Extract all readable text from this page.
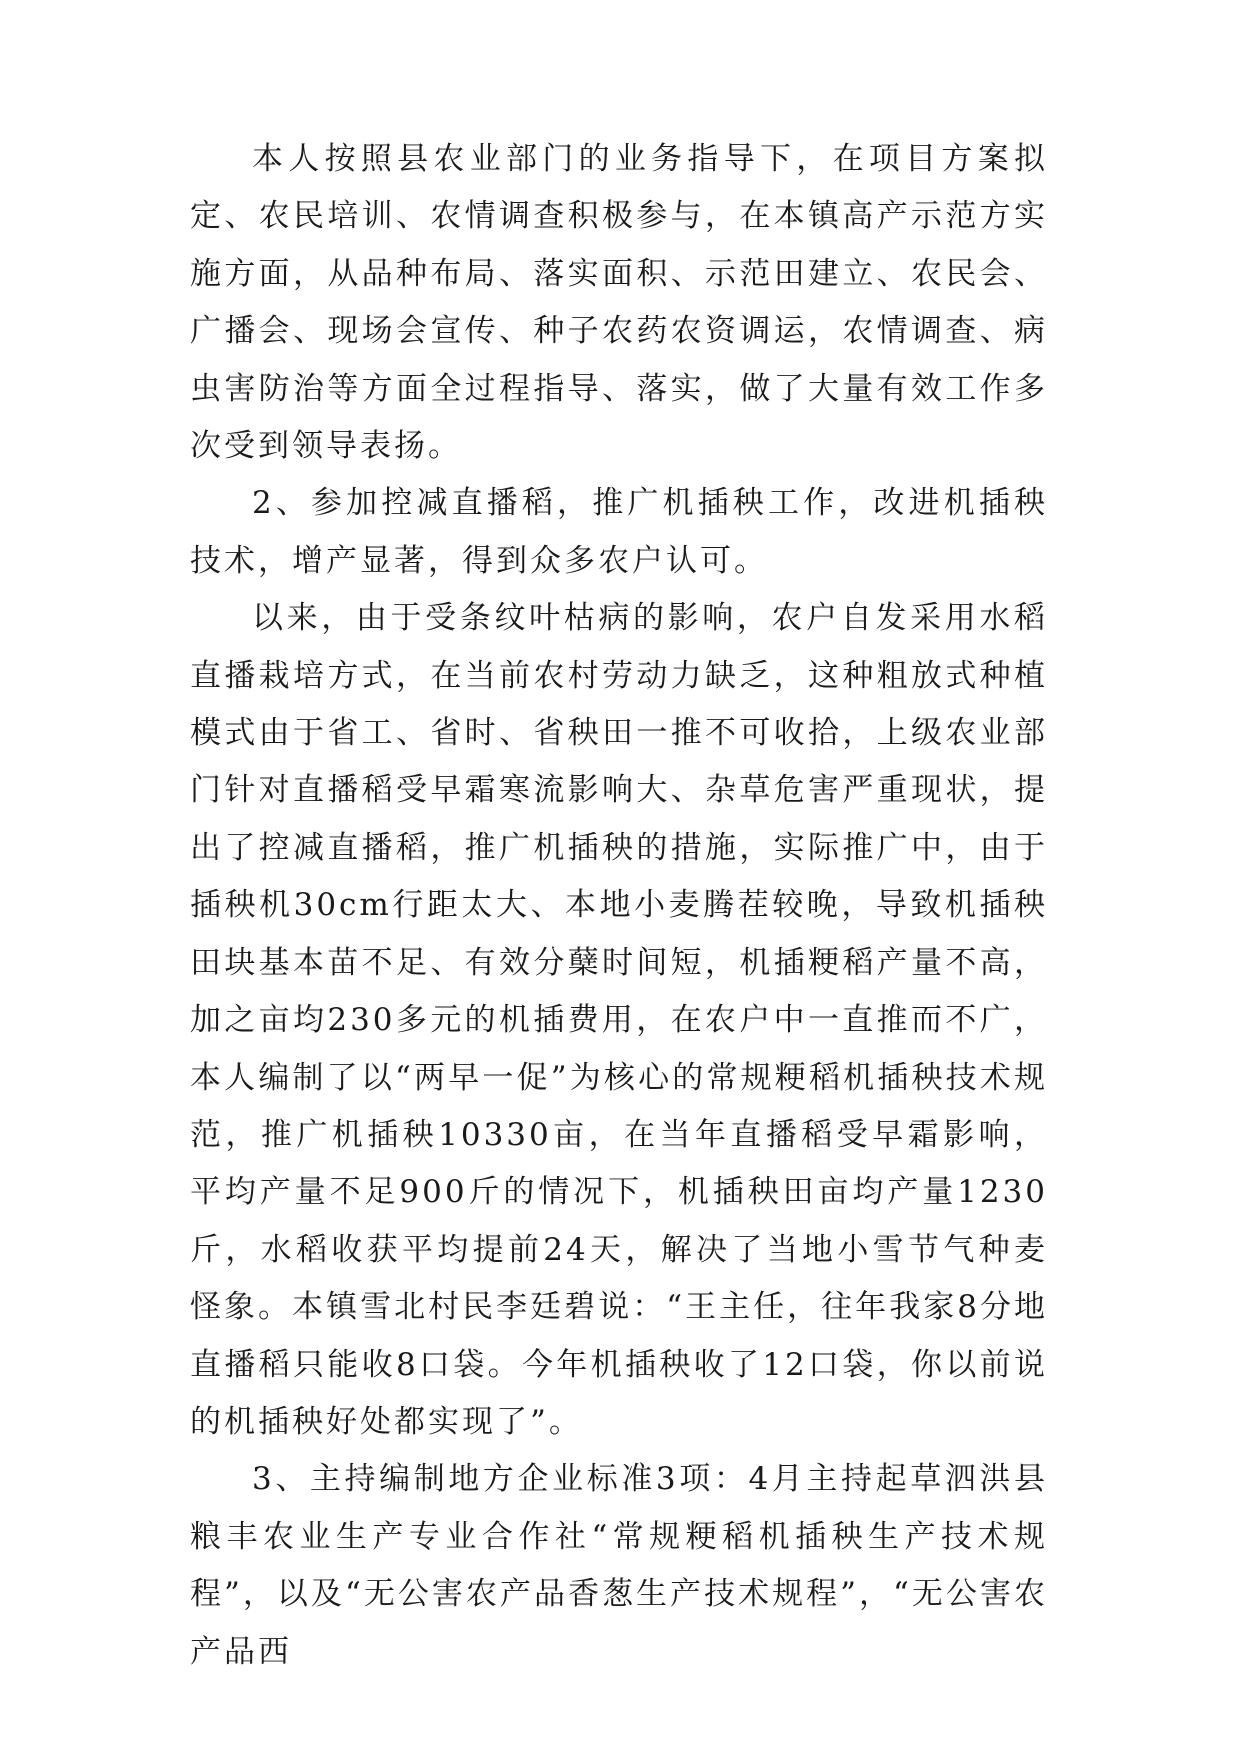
本人按照县农业部门的业务指导下，在项目方案拟定、农民培训、农情调查积极参与，在本镇高产示范方实施方面，从品种布局、落实面积、示范田建立、农民会、广播会、现场会宣传、种子农药农资调运，农情调查、病虫害防治等方面全过程指导、落实，做了大量有效工作多次受到领导表扬。

2、参加控减直播稻，推广机插秧工作，改进机插秧技术，增产显著，得到众多农户认可。

以来，由于受条纹叶枯病的影响，农户自发采用水稻直播栽培方式，在当前农村劳动力缺乏，这种粗放式种植模式由于省工、省时、省秧田一推不可收拾，上级农业部门针对直播稻受早霜寒流影响大、杂草危害严重现状，提出了控减直播稻，推广机插秧的措施，实际推广中，由于插秧机30cm行距太大、本地小麦腾茬较晚，导致机插秧田块基本苗不足、有效分蘖时间短，机插粳稻产量不高，加之亩均230多元的机插费用，在农户中一直推而不广，本人编制了以“两早一促”为核心的常规粳稻机插秧技术规范，推广机插秧10330亩，在当年直播稻受早霜影响，平均产量不足900斤的情况下，机插秧田亩均产量1230斤，水稻收获平均提前24天，解决了当地小雪节气种麦怪象。本镇雪北村民李廷碧说：“王主任，往年我家8分地直播稻只能收8口袋。今年机插秧收了12口袋，你以前说的机插秧好处都实现了”。

3、主持编制地方企业标准3项：4月主持起草泗洪县粮丰农业生产专业合作社“常规粳稻机插秧生产技术规程”，以及“无公害农产品香葱生产技术规程”，“无公害农产品西
